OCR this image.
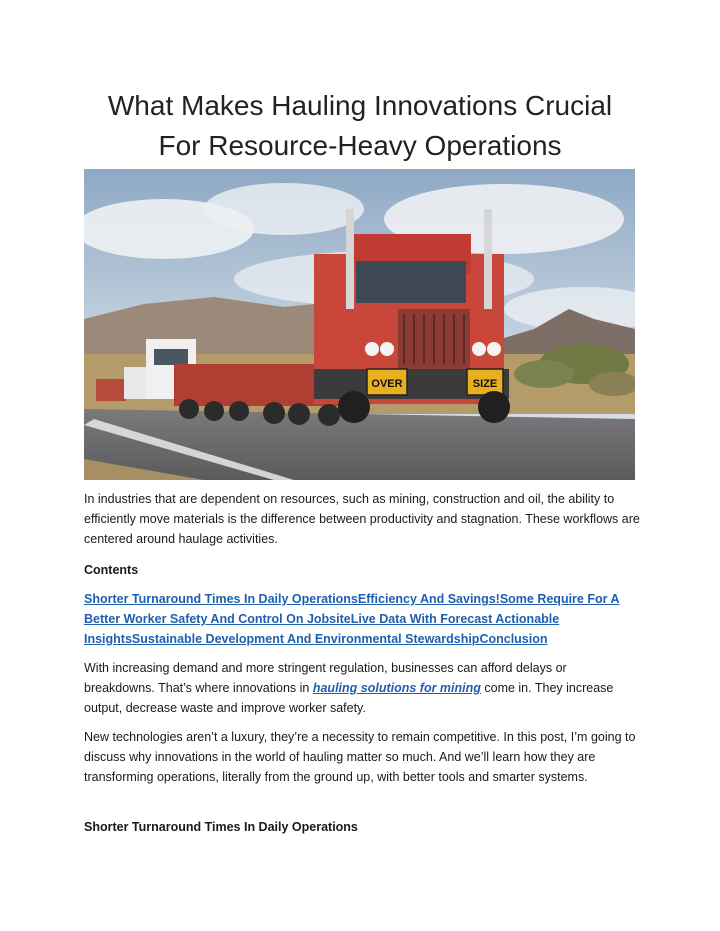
What Makes Hauling Innovations Crucial
For Resource-Heavy Operations
OVER	SIZE

In industries that are dependent on resources, such as mining, construction and oil, the ability to efficiently move materials is the difference between productivity and stagnation. These workflows are centered around haulage activities.

Contents

Shorter Turnaround Times In Daily OperationsEfficiency And Savings!Some Require For A Better Worker Safety And Control On JobsiteLive Data With Forecast Actionable InsightsSustainable Development And Environmental StewardshipConclusion

With increasing demand and more stringent regulation, businesses can afford delays or breakdowns. That’s where innovations in hauling solutions for mining come in. They increase output, decrease waste and improve worker safety.

New technologies aren’t a luxury, they’re a necessity to remain competitive. In this post, I’m going to discuss why innovations in the world of hauling matter so much. And we’ll learn how they are transforming operations, literally from the ground up, with better tools and smarter systems.

Shorter Turnaround Times In Daily Operations
